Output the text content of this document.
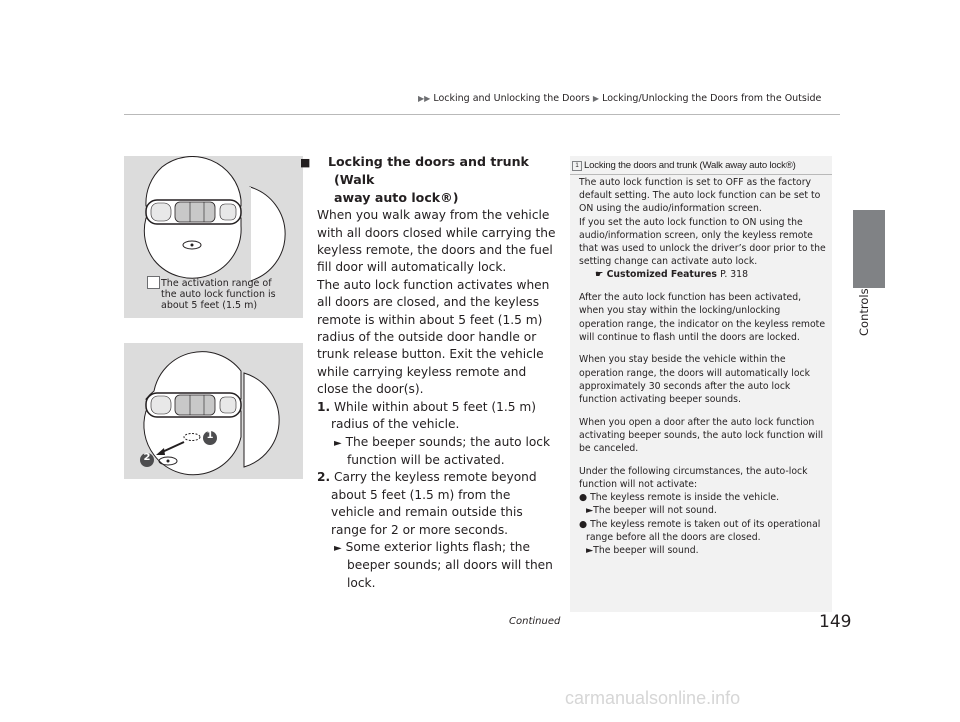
▶▶ Locking and Unlocking the Doors ▶ Locking/Unlocking the Doors from the Outside
Controls
The activation range of
the auto lock function is
about 5 feet (1.5 m)
1
2
■ Locking the doors and trunk (Walk
away auto lock®)

When you walk away from the vehicle with all doors closed while carrying the keyless remote, the doors and the fuel fill door will automatically lock.

The auto lock function activates when all doors are closed, and the keyless remote is within about 5 feet (1.5 m) radius of the outside door handle or trunk release button. Exit the vehicle while carrying keyless remote and close the door(s).

1. While within about 5 feet (1.5 m) radius of the vehicle.

► The beeper sounds; the auto lock function will be activated.

2. Carry the keyless remote beyond about 5 feet (1.5 m) from the vehicle and remain outside this range for 2 or more seconds.

► Some exterior lights flash; the beeper sounds; all doors will then lock.

1 Locking the doors and trunk (Walk away auto lock®)

The auto lock function is set to OFF as the factory default setting. The auto lock function can be set to ON using the audio/information screen.

If you set the auto lock function to ON using the audio/information screen, only the keyless remote that was used to unlock the driver’s door prior to the setting change can activate auto lock.

☛ Customized Features P. 318

After the auto lock function has been activated, when you stay within the locking/unlocking operation range, the indicator on the keyless remote will continue to flash until the doors are locked.

When you stay beside the vehicle within the operation range, the doors will automatically lock approximately 30 seconds after the auto lock function activating beeper sounds.

When you open a door after the auto lock function activating beeper sounds, the auto lock function will be canceled.

Under the following circumstances, the auto-lock function will not activate:

● The keyless remote is inside the vehicle.

►The beeper will not sound.

● The keyless remote is taken out of its operational range before all the doors are closed.

►The beeper will sound.

Continued	149
carmanualsonline.info
